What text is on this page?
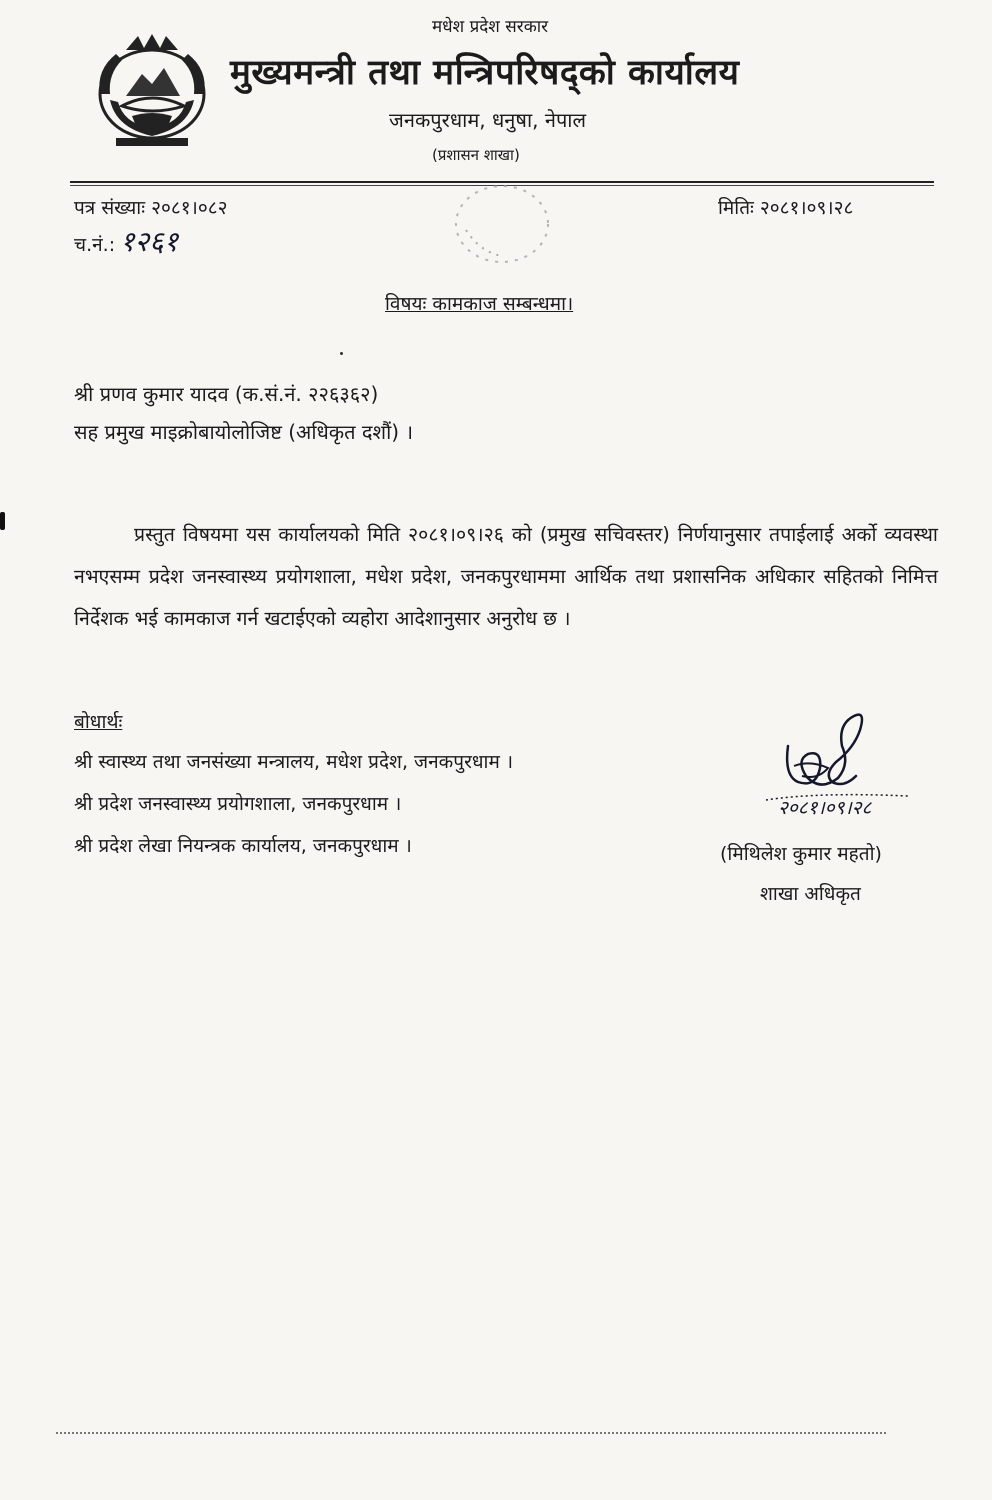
मधेश प्रदेश सरकार
मुख्यमन्त्री तथा मन्त्रिपरिषद्को कार्यालय
जनकपुरधाम, धनुषा, नेपाल
(प्रशासन शाखा)
पत्र संख्याः २०८१।०८२	मितिः २०८१।०९।२८
च.नं.: १२६१
विषयः कामकाज सम्बन्धमा।
श्री प्रणव कुमार यादव (क.सं.नं. २२६३६२)
सह प्रमुख माइक्रोबायोलोजिष्ट (अधिकृत दशौं) ।
प्रस्तुत विषयमा यस कार्यालयको मिति २०८१।०९।२६ को (प्रमुख सचिवस्तर) निर्णयानुसार तपाईलाई अर्को व्यवस्था नभएसम्म प्रदेश जनस्वास्थ्य प्रयोगशाला, मधेश प्रदेश, जनकपुरधाममा आर्थिक तथा प्रशासनिक अधिकार सहितको निमित्त निर्देशक भई कामकाज गर्न खटाईएको व्यहोरा आदेशानुसार अनुरोध छ ।
बोधार्थः
श्री स्वास्थ्य तथा जनसंख्या मन्त्रालय, मधेश प्रदेश, जनकपुरधाम ।
श्री प्रदेश जनस्वास्थ्य प्रयोगशाला, जनकपुरधाम ।
श्री प्रदेश लेखा नियन्त्रक कार्यालय, जनकपुरधाम ।
२०८१।०९।२८
(मिथिलेश कुमार महतो)
शाखा अधिकृत
